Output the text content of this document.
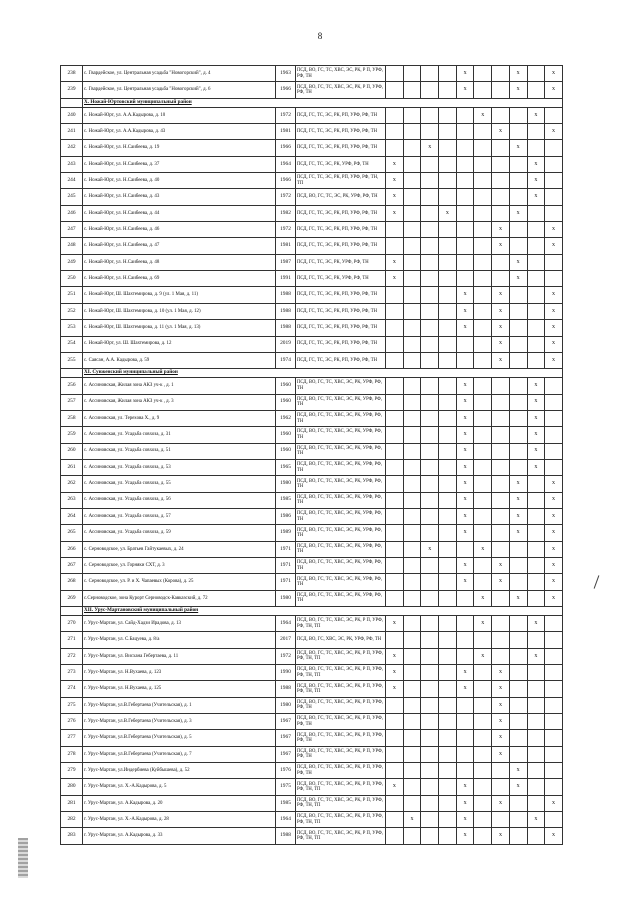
8
238	с. Гвардейское, ул. Центральная усадьба "Новогорский", д. 4	1963	ПСД, ВО, ГС, ТС, ХВС, ЭС, РК, Р П, УРФ, РФ, ТН					x			x		x
239	с. Гвардейское, ул. Центральная усадьба "Новогорский", д. 6	1966	ПСД, ВО, ГС, ТС, ХВС, ЭС, РК, Р П, УРФ, РФ, ТН					x			x		x
	Х. Ножай-Юртовский муниципальный район												
240	с. Ножай-Юрт, ул. А.А.Кадырова, д. 10	1972	ПСД, ГС, ТС, ЭС, РК, РП, УРФ, РФ, ТН						x			x	
241	с. Ножай-Юрт, ул. А.А.Кадырова, д. 43	1981	ПСД, ГС, ТС, ЭС, РК, РП, УРФ, РФ, ТН							x			x
242	с. Ножай-Юрт, ул. Н.Саибеева, д. 19	1966	ПСД, ГС, ТС, ЭС, РК, РП, УРФ, РФ, ТН			x					x		
243	с. Ножай-Юрт, ул. Н.Саибеева, д. 37	1964	ПСД, ГС, ТС, ЭС, РК, УРФ, РФ, ТН	x								x	
244	с. Ножай-Юрт, ул. Н.Саибеева, д. 40	1966	ПСД, ГС, ТС, ЭС, РК, РП, УРФ, РФ, ТН, ТП	x								x	
245	с. Ножай-Юрт, ул. Н.Саибеева, д. 43	1972	ПСД, ВО, ГС, ТС, ЭС, РК, УРФ, РФ, ТН	x								x	
246	с. Ножай-Юрт, ул. Н.Саибеева, д. 44	1982	ПСД, ГС, ТС, ЭС, РК, РП, УРФ, РФ, ТН	x			x				x		
247	с. Ножай-Юрт, ул. Н.Саибеева, д. 46	1972	ПСД, ГС, ТС, ЭС, РК, РП, УРФ, РФ, ТН							x			x
248	с. Ножай-Юрт, ул. Н.Саибеева, д. 47	1981	ПСД, ГС, ТС, ЭС, РК, РП, УРФ, РФ, ТН							x			x
249	с. Ножай-Юрт, ул. Н.Саибеева, д. 48	1987	ПСД, ГС, ТС, ЭС, РК, УРФ, РФ, ТН	x							x		
250	с. Ножай-Юрт, ул. Н.Саибеева, д. 69	1991	ПСД, ГС, ТС, ЭС, РК, УРФ, РФ, ТН	x							x		
251	с. Ножай-Юрт, Ш. Шахтемирова, д. 9 (ул. 1 Мая, д. 11)	1988	ПСД, ГС, ТС, ЭС, РК, РП, УРФ, РФ, ТН					x		x			x
252	с. Ножай-Юрт, Ш. Шахтемирова, д. 10 (ул. 1 Мая, д. 12)	1988	ПСД, ГС, ТС, ЭС, РК, РП, УРФ, РФ, ТН					x		x			x
253	с. Ножай-Юрт, Ш. Шахтемирова, д. 11 (ул. 1 Мая, д. 13)	1988	ПСД, ГС, ТС, ЭС, РК, РП, УРФ, РФ, ТН					x		x			x
254	с. Ножай-Юрт, ул. Ш. Шахтемирова, д. 12	2019	ПСД, ГС, ТС, ЭС, РК, РП, УРФ, РФ, ТН							x			x
255	с. Саясан, А.А. Кадырова, д. 59	1974	ПСД, ГС, ТС, ЭС, РК, РП, УРФ, РФ, ТН							x			x
	XI. Сунженский муниципальный район												
256	с. Ассиновская, Жилая зона АКЗ уч-к , д. 1	1960	ПСД, ВО, ГС, ТС, ХВС, ЭС, РК, УРФ, РФ, ТН					x				x	
257	с. Ассиновская, Жилая зона АКЗ уч-к , д. 3	1960	ПСД, ВО, ГС, ТС, ХВС, ЭС, РК, УРФ, РФ, ТН					x				x	
258	с. Ассиновская, ул. Терехова Х., д. 9	1962	ПСД, ВО, ГС, ТС, ХВС, ЭС, РК, УРФ, РФ, ТН					x				x	
259	с. Ассиновская, ул. Усадьба совхоза, д. 31	1960	ПСД, ВО, ГС, ТС, ХВС, ЭС, РК, УРФ, РФ, ТН					x				x	
260	с. Ассиновская, ул. Усадьба совхоза, д. 51	1960	ПСД, ВО, ГС, ТС, ХВС, ЭС, РК, УРФ, РФ, ТН					x				x	
261	с. Ассиновская, ул. Усадьба совхоза, д. 53	1965	ПСД, ВО, ГС, ТС, ХВС, ЭС, РК, УРФ, РФ, ТН					x				x	
262	с. Ассиновская, ул. Усадьба совхоза, д. 55	1980	ПСД, ВО, ГС, ТС, ХВС, ЭС, РК, УРФ, РФ, ТН					x			x		x
263	с. Ассиновская, ул. Усадьба совхоза, д. 56	1985	ПСД, ВО, ГС, ТС, ХВС, ЭС, РК, УРФ, РФ, ТН					x			x		x
264	с. Ассиновская, ул. Усадьба совхоза, д. 57	1986	ПСД, ВО, ГС, ТС, ХВС, ЭС, РК, УРФ, РФ, ТН					x			x		x
265	с. Ассиновская, ул. Усадьба совхоза, д. 59	1989	ПСД, ВО, ГС, ТС, ХВС, ЭС, РК, УРФ, РФ, ТН					x			x		x
266	с. Серноводское, ул. Братьев Гайтукаевых, д. 24	1971	ПСД, ВО, ГС, ТС, ХВС, ЭС, РК, УРФ, РФ, ТН			x			x				x
267	с. Серноводское, ул. Горняки СХТ, д. 3	1971	ПСД, ВО, ГС, ТС, ХВС, ЭС, РК, УРФ, РФ, ТН					x		x			x
268	с. Серноводское, ул. Р. и Х. Чапаевых (Корова), д. 25	1971	ПСД, ВО, ГС, ТС, ХВС, ЭС, РК, УРФ, РФ, ТН					x		x			x
269	с.Серноводское, зона Курорт Серноводск-Кавказский, д. 72	1980	ПСД, ВО, ГС, ТС, ХВС, ЭС, РК, УРФ, РФ, ТН						x		x		x
	XII. Урус-Мартановский муниципальный район												
270	г. Урус-Мартан, ул. Сайд-Хадзи Ирадова, д. 13	1964	ПСД, ВО, ГС, ТС, ХВС, ЭС, РК, Р П, УРФ, РФ, ТН, ТП	x					x			x	
271	г. Урус-Мартан, ул. С.Бацуева, д. 8/а	2017	ПСД, ВО, ГС, ХВС, ЭС, РК, УРФ, РФ, ТН										
272	г. Урус-Мартан, ул. Висхана Гебертаева, д. 11	1972	ПСД, ВО, ГС, ТС, ХВС, ЭС, РК, Р П, УРФ, РФ, ТН, ТП	x					x			x	
273	г. Урус-Мартан, ул. Н.Вухаева, д. 123	1990	ПСД, ВО, ГС, ТС, ХВС, ЭС, РК, Р П, УРФ, РФ, ТН, ТП	x				x		x			
274	г. Урус-Мартан, ул. Н.Вухаева, д. 125	1988	ПСД, ВО, ГС, ТС, ХВС, ЭС, РК, Р П, УРФ, РФ, ТН, ТП	x				x		x			
275	г. Урус-Мартан, ул.В.Гебертаева (Учительская), д. 1	1980	ПСД, ВО, ГС, ТС, ХВС, ЭС, РК, Р П, УРФ, РФ, ТН							x			
276	г. Урус-Мартан, ул.В.Гебертаева (Учительская), д. 3	1967	ПСД, ВО, ГС, ТС, ХВС, ЭС, РК, Р П, УРФ, РФ, ТН							x			
277	г. Урус-Мартан, ул.В.Гебертаева (Учительская), д. 5	1967	ПСД, ВО, ГС, ТС, ХВС, ЭС, РК, Р П, УРФ, РФ, ТН							x			
278	г. Урус-Мартан, ул.В.Гебертаева (Учительская), д. 7	1967	ПСД, ВО, ГС, ТС, ХВС, ЭС, РК, Р П, УРФ, РФ, ТН							x			
279	г. Урус-Мартан, ул.Индербиева (Куйбышева), д. 52	1976	ПСД, ВО, ГС, ТС, ХВС, ЭС, РК, Р П, УРФ, РФ, ТН								x		
280	г. Урус-Мартан, ул. Х.-А.Кадырова, д. 5	1975	ПСД, ВО, ГС, ТС, ХВС, ЭС, РК, Р П, УРФ, РФ, ТН, ТП	x				x			x		
281	г. Урус-Мартан, ул. А.Кадырова, д. 20	1985	ПСД, ВО, ГС, ТС, ХВС, ЭС, РК, Р П, УРФ, РФ, ТН, ТП					x		x			x
282	г. Урус-Мартан, ул. Х.-А.Кадырова, д. 28	1964	ПСД, ВО, ГС, ТС, ХВС, ЭС, РК, Р П, УРФ, РФ, ТН, ТП		x			x				x	
283	г. Урус-Мартан, ул. А.Кадырова, д. 33	1988	ПСД, ВО, ГС, ТС, ХВС, ЭС, РК, Р П, УРФ, РФ, ТН, ТП					x		x			x
